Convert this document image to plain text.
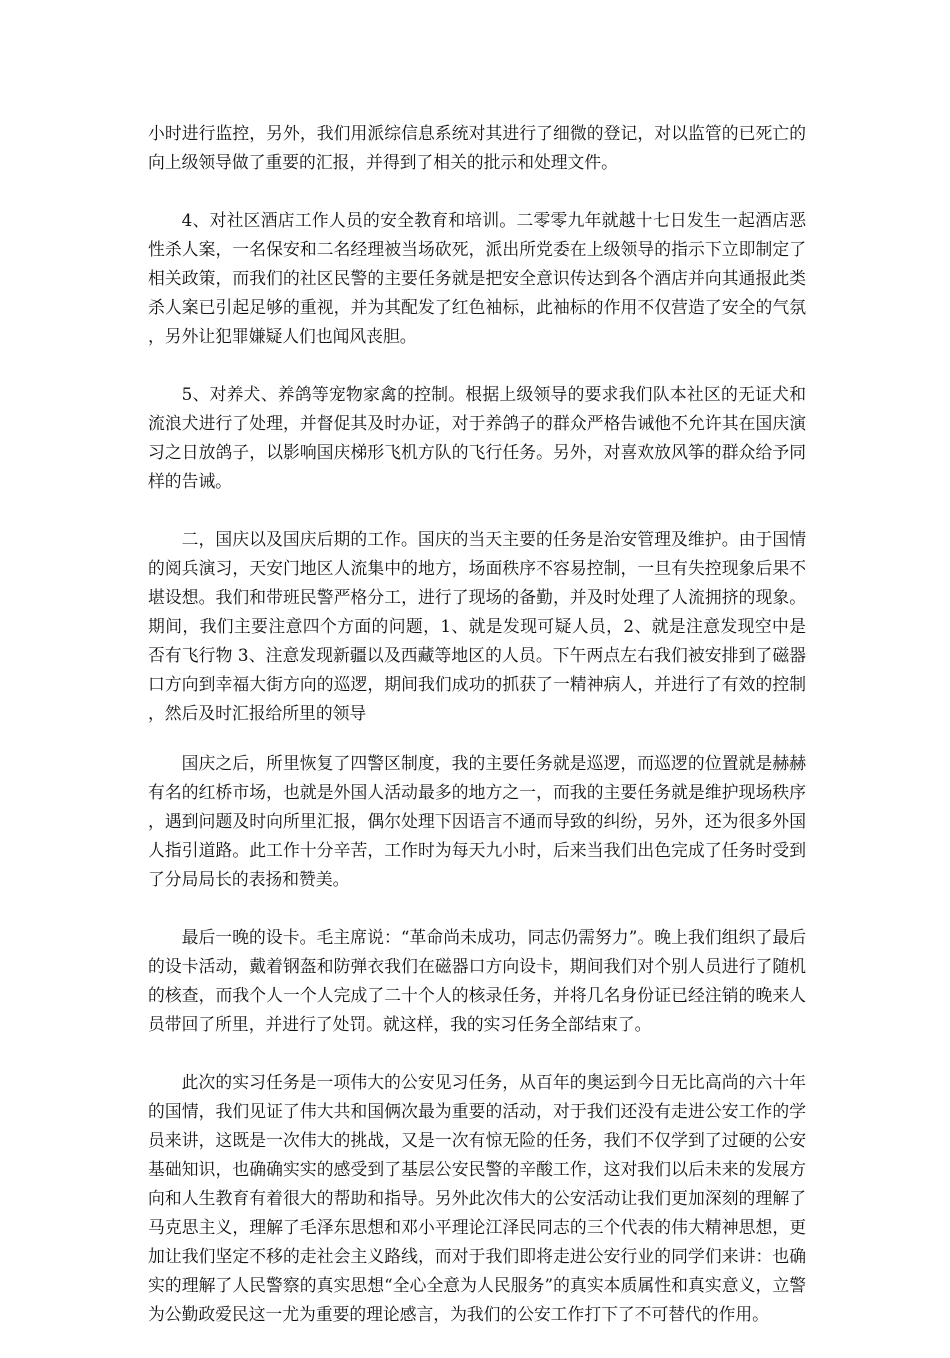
小时进行监控，另外，我们用派综信息系统对其进行了细微的登记，对以监管的已死亡的向上级领导做了重要的汇报，并得到了相关的批示和处理文件。

4、对社区酒店工作人员的安全教育和培训。二零零九年就越十七日发生一起酒店恶性杀人案，一名保安和二名经理被当场砍死，派出所党委在上级领导的指示下立即制定了相关政策，而我们的社区民警的主要任务就是把安全意识传达到各个酒店并向其通报此类杀人案已引起足够的重视，并为其配发了红色袖标，此袖标的作用不仅营造了安全的气氛，另外让犯罪嫌疑人们也闻风丧胆。

5、对养犬、养鸽等宠物家禽的控制。根据上级领导的要求我们队本社区的无证犬和流浪犬进行了处理，并督促其及时办证，对于养鸽子的群众严格告诫他不允许其在国庆演习之日放鸽子，以影响国庆梯形飞机方队的飞行任务。另外，对喜欢放风筝的群众给予同样的告诫。

二，国庆以及国庆后期的工作。国庆的当天主要的任务是治安管理及维护。由于国情的阅兵演习，天安门地区人流集中的地方，场面秩序不容易控制，一旦有失控现象后果不堪设想。我们和带班民警严格分工，进行了现场的备勤，并及时处理了人流拥挤的现象。期间，我们主要注意四个方面的问题，1、就是发现可疑人员，2、就是注意发现空中是否有飞行物 3、注意发现新疆以及西藏等地区的人员。下午两点左右我们被安排到了磁器口方向到幸福大街方向的巡逻，期间我们成功的抓获了一精神病人，并进行了有效的控制，然后及时汇报给所里的领导

国庆之后，所里恢复了四警区制度，我的主要任务就是巡逻，而巡逻的位置就是赫赫有名的红桥市场，也就是外国人活动最多的地方之一，而我的主要任务就是维护现场秩序，遇到问题及时向所里汇报，偶尔处理下因语言不通而导致的纠纷，另外，还为很多外国人指引道路。此工作十分辛苦，工作时为每天九小时，后来当我们出色完成了任务时受到了分局局长的表扬和赞美。

最后一晚的设卡。毛主席说：“革命尚未成功，同志仍需努力”。晚上我们组织了最后的设卡活动，戴着钢盔和防弹衣我们在磁器口方向设卡，期间我们对个别人员进行了随机的核查，而我个人一个人完成了二十个人的核录任务，并将几名身份证已经注销的晚来人员带回了所里，并进行了处罚。就这样，我的实习任务全部结束了。

此次的实习任务是一项伟大的公安见习任务，从百年的奥运到今日无比高尚的六十年的国情，我们见证了伟大共和国俩次最为重要的活动，对于我们还没有走进公安工作的学员来讲，这既是一次伟大的挑战，又是一次有惊无险的任务，我们不仅学到了过硬的公安基础知识，也确确实实的感受到了基层公安民警的辛酸工作，这对我们以后未来的发展方向和人生教育有着很大的帮助和指导。另外此次伟大的公安活动让我们更加深刻的理解了马克思主义，理解了毛泽东思想和邓小平理论江泽民同志的三个代表的伟大精神思想，更加让我们坚定不移的走社会主义路线，而对于我们即将走进公安行业的同学们来讲：也确实的理解了人民警察的真实思想“全心全意为人民服务”的真实本质属性和真实意义，立警为公勤政爱民这一尤为重要的理论感言，为我们的公安工作打下了不可替代的作用。
